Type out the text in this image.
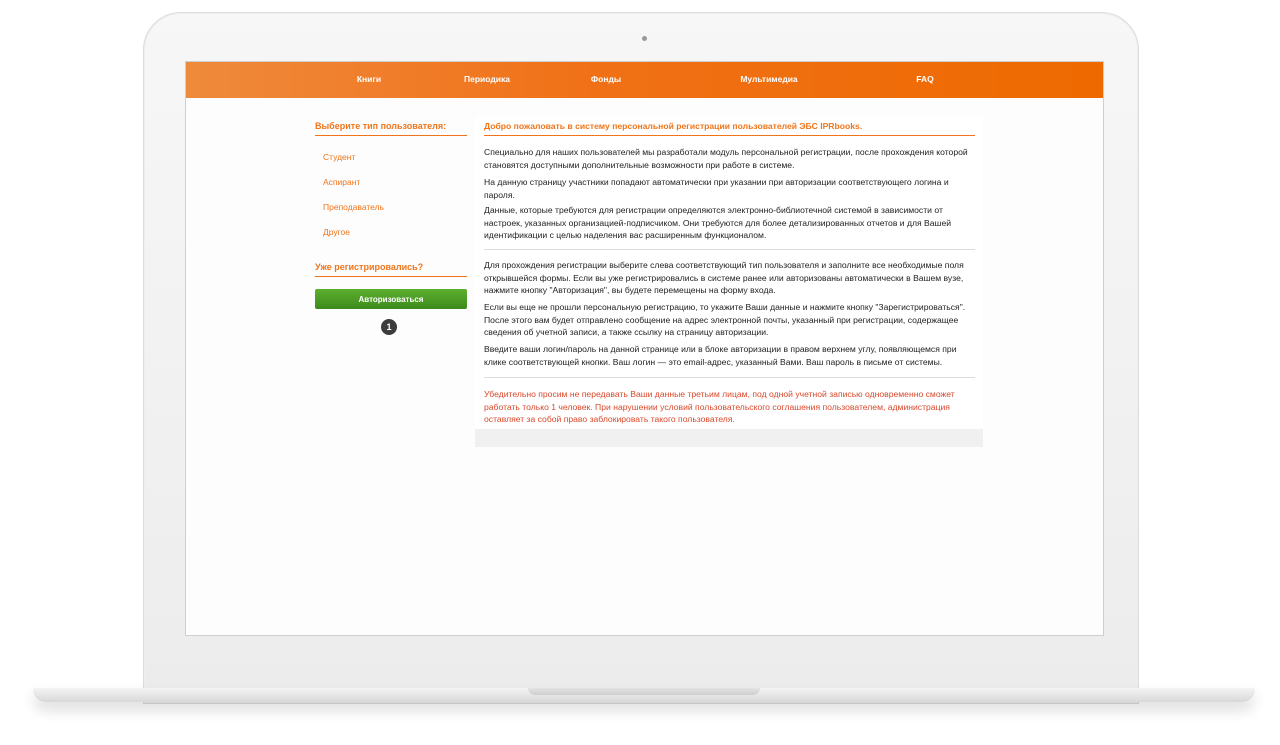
Книги	Периодика	Фонды	Мультимедиа	FAQ
Выберите тип пользователя:
Студент
Аспирант
Преподаватель
Другое
Уже регистрировались?
Авторизоваться
1
Добро пожаловать в систему персональной регистрации пользователей ЭБС IPRbooks.

Специально для наших пользователей мы разработали модуль персональной регистрации, после прохождения которой становятся доступными дополнительные возможности при работе в системе.

На данную страницу участники попадают автоматически при указании при авторизации соответствующего логина и пароля.

Данные, которые требуются для регистрации определяются электронно-библиотечной системой в зависимости от настроек, указанных организацией-подписчиком. Они требуются для более детализированных отчетов и для Вашей идентификации с целью наделения вас расширенным функционалом.

Для прохождения регистрации выберите слева соответствующий тип пользователя и заполните все необходимые поля открывшейся формы. Если вы уже регистрировались в системе ранее или авторизованы автоматически в Вашем вузе, нажмите кнопку "Авторизация", вы будете перемещены на форму входа.

Если вы еще не прошли персональную регистрацию, то укажите Ваши данные и нажмите кнопку "Зарегистрироваться". После этого вам будет отправлено сообщение на адрес электронной почты, указанный при регистрации, содержащее сведения об учетной записи, а также ссылку на страницу авторизации.

Введите ваши логин/пароль на данной странице или в блоке авторизации в правом верхнем углу, появляющемся при клике соответствующей кнопки. Ваш логин — это email-адрес, указанный Вами. Ваш пароль в письме от системы.

Убедительно просим не передавать Ваши данные третьим лицам, под одной учетной записью одновременно сможет работать только 1 человек. При нарушении условий пользовательского соглашения пользователем, администрация оставляет за собой право заблокировать такого пользователя.
